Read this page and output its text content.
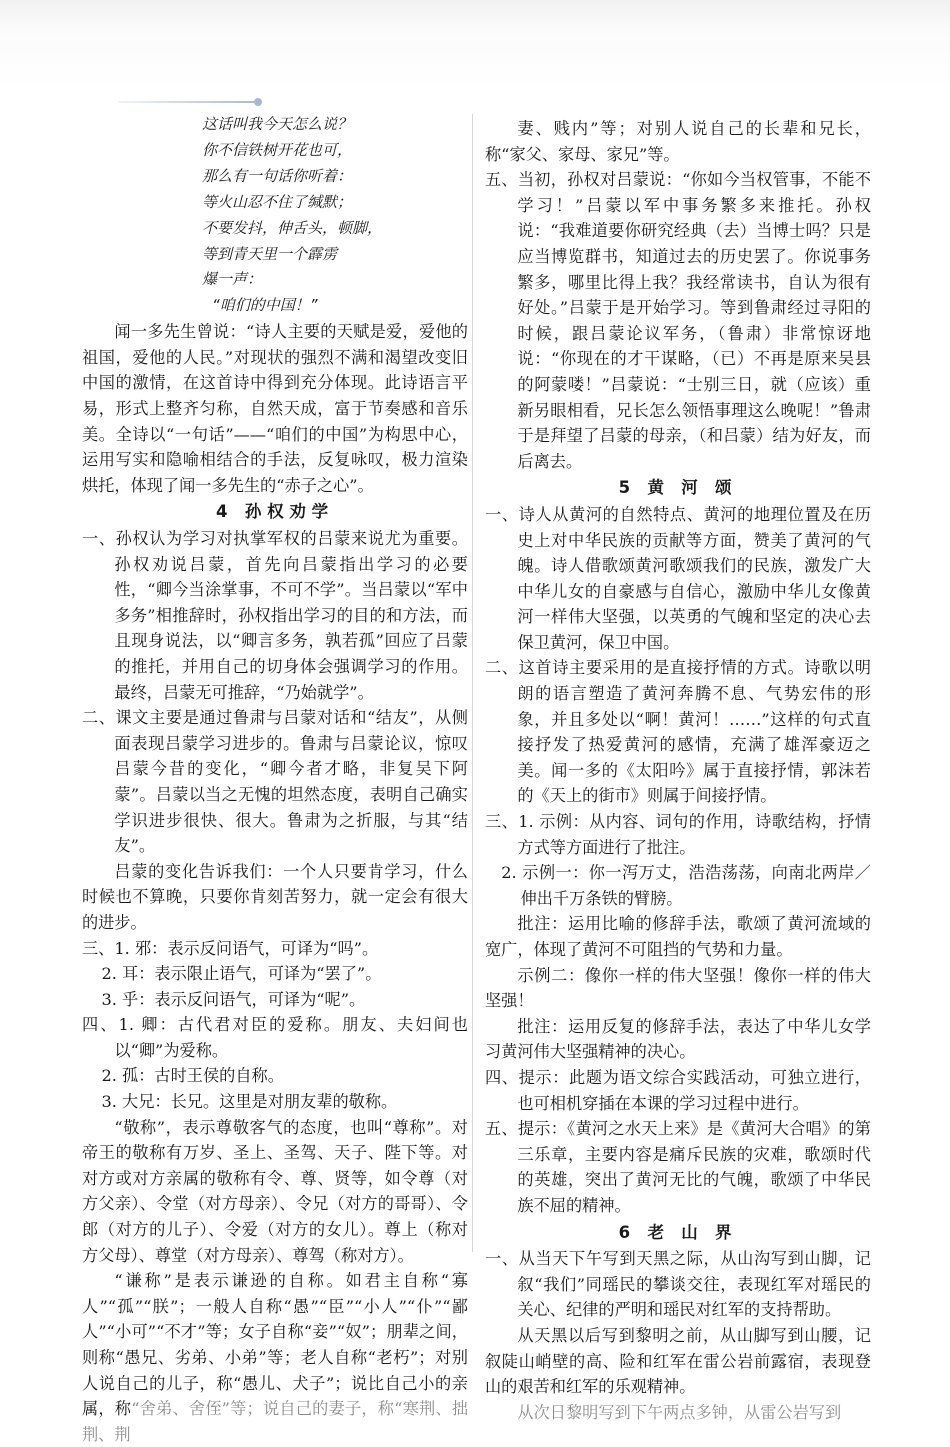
这话叫我今天怎么说？

你不信铁树开花也可，

那么有一句话你听着：

等火山忍不住了缄默；

不要发抖，伸舌头，顿脚，

等到青天里一个霹雳

爆一声：

“咱们的中国！”

闻一多先生曾说：“诗人主要的天赋是爱，爱他的祖国，爱他的人民。”对现状的强烈不满和渴望改变旧中国的激情，在这首诗中得到充分体现。此诗语言平易，形式上整齐匀称，自然天成，富于节奏感和音乐美。全诗以“一句话”——“咱们的中国”为构思中心，运用写实和隐喻相结合的手法，反复咏叹，极力渲染烘托，体现了闻一多先生的“赤子之心”。

4 孙权劝学

一、孙权认为学习对执掌军权的吕蒙来说尤为重要。孙权劝说吕蒙，首先向吕蒙指出学习的必要性，“卿今当涂掌事，不可不学”。当吕蒙以“军中多务”相推辞时，孙权指出学习的目的和方法，而且现身说法，以“卿言多务，孰若孤”回应了吕蒙的推托，并用自己的切身体会强调学习的作用。最终，吕蒙无可推辞，“乃始就学”。

二、课文主要是通过鲁肃与吕蒙对话和“结友”，从侧面表现吕蒙学习进步的。鲁肃与吕蒙论议，惊叹吕蒙今昔的变化，“卿今者才略，非复吴下阿蒙”。吕蒙以当之无愧的坦然态度，表明自己确实学识进步很快、很大。鲁肃为之折服，与其“结友”。

吕蒙的变化告诉我们：一个人只要肯学习，什么时候也不算晚，只要你肯刻苦努力，就一定会有很大的进步。

三、1. 邪：表示反问语气，可译为“吗”。

2. 耳：表示限止语气，可译为“罢了”。

3. 乎：表示反问语气，可译为“呢”。

四、1. 卿：古代君对臣的爱称。朋友、夫妇间也以“卿”为爱称。

2. 孤：古时王侯的自称。

3. 大兄：长兄。这里是对朋友辈的敬称。

“敬称”，表示尊敬客气的态度，也叫“尊称”。对帝王的敬称有万岁、圣上、圣驾、天子、陛下等。对对方或对方亲属的敬称有令、尊、贤等，如令尊（对方父亲）、令堂（对方母亲）、令兄（对方的哥哥）、令郎（对方的儿子）、令爱（对方的女儿）。尊上（称对方父母）、尊堂（对方母亲）、尊驾（称对方）。

“谦称”是表示谦逊的自称。如君主自称“寡人”“孤”“朕”；一般人自称“愚”“臣”“小人”“仆”“鄙人”“小可”“不才”等；女子自称“妾”“奴”；朋辈之间，则称“愚兄、劣弟、小弟”等；老人自称“老朽”；对别人说自己的儿子，称“愚儿、犬子”；说比自己小的亲属，称“舍弟、舍侄”等；说自己的妻子，称“寒荆、拙荆、荆

妻、贱内”等；对别人说自己的长辈和兄长，称“家父、家母、家兄”等。

五、当初，孙权对吕蒙说：“你如今当权管事，不能不学习！”吕蒙以军中事务繁多来推托。孙权说：“我难道要你研究经典（去）当博士吗？只是应当博览群书，知道过去的历史罢了。你说事务繁多，哪里比得上我？我经常读书，自认为很有好处。”吕蒙于是开始学习。等到鲁肃经过寻阳的时候，跟吕蒙论议军务，（鲁肃）非常惊讶地说：“你现在的才干谋略，（已）不再是原来吴县的阿蒙喽！”吕蒙说：“士别三日，就（应该）重新另眼相看，兄长怎么领悟事理这么晚呢！”鲁肃于是拜望了吕蒙的母亲，（和吕蒙）结为好友，而后离去。

5 黄 河 颂

一、诗人从黄河的自然特点、黄河的地理位置及在历史上对中华民族的贡献等方面，赞美了黄河的气魄。诗人借歌颂黄河歌颂我们的民族，激发广大中华儿女的自豪感与自信心，激励中华儿女像黄河一样伟大坚强，以英勇的气魄和坚定的决心去保卫黄河，保卫中国。

二、这首诗主要采用的是直接抒情的方式。诗歌以明朗的语言塑造了黄河奔腾不息、气势宏伟的形象，并且多处以“啊！黄河！……”这样的句式直接抒发了热爱黄河的感情，充满了雄浑豪迈之美。闻一多的《太阳吟》属于直接抒情，郭沫若的《天上的街市》则属于间接抒情。

三、1. 示例：从内容、词句的作用，诗歌结构，抒情方式等方面进行了批注。

2. 示例一：你一泻万丈，浩浩荡荡，向南北两岸／伸出千万条铁的臂膀。

批注：运用比喻的修辞手法，歌颂了黄河流域的宽广，体现了黄河不可阻挡的气势和力量。

示例二：像你一样的伟大坚强！像你一样的伟大坚强！

批注：运用反复的修辞手法，表达了中华儿女学习黄河伟大坚强精神的决心。

四、提示：此题为语文综合实践活动，可独立进行，也可相机穿插在本课的学习过程中进行。

五、提示：《黄河之水天上来》是《黄河大合唱》的第三乐章，主要内容是痛斥民族的灾难，歌颂时代的英雄，突出了黄河无比的气魄，歌颂了中华民族不屈的精神。

6 老 山 界

一、从当天下午写到天黑之际，从山沟写到山脚，记叙“我们”同瑶民的攀谈交往，表现红军对瑶民的关心、纪律的严明和瑶民对红军的支持帮助。

从天黑以后写到黎明之前，从山脚写到山腰，记叙陡山峭壁的高、险和红军在雷公岩前露宿，表现登山的艰苦和红军的乐观精神。

从次日黎明写到下午两点多钟，从雷公岩写到
